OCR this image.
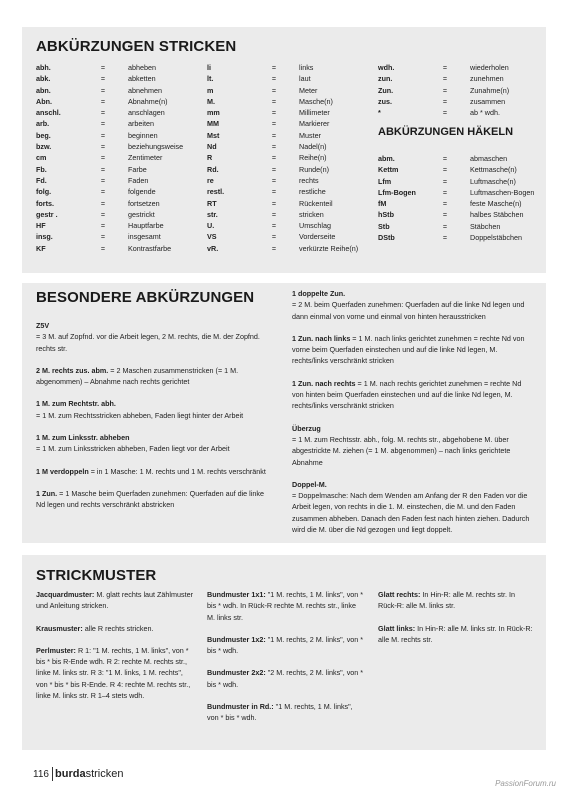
ABKÜRZUNGEN STRICKEN
abh.	=	abheben
abk.	=	abketten
abn.	=	abnehmen
Abn.	=	Abnahme(n)
anschl.	=	anschlagen
arb.	=	arbeiten
beg.	=	beginnen
bzw.	=	beziehungsweise
cm	=	Zentimeter
Fb.	=	Farbe
Fd.	=	Faden
folg.	=	folgende
forts.	=	fortsetzen
gestr .	=	gestrickt
HF	=	Hauptfarbe
insg.	=	insgesamt
KF	=	Kontrastfarbe
li	=	links
lt.	=	laut
m	=	Meter
M.	=	Masche(n)
mm	=	Millimeter
MM	=	Markierer
Mst	=	Muster
Nd	=	Nadel(n)
R	=	Reihe(n)
Rd.	=	Runde(n)
re	=	rechts
restl.	=	restliche
RT	=	Rückenteil
str.	=	stricken
U.	=	Umschlag
VS	=	Vorderseite
vR.	=	verkürzte Reihe(n)
wdh.	=	wiederholen
zun.	=	zunehmen
Zun.	=	Zunahme(n)
zus.	=	zusammen
*	=	ab * wdh.
ABKÜRZUNGEN HÄKELN
abm.	=	abmaschen
Kettm	=	Kettmasche(n)
Lfm	=	Luftmasche(n)
Lfm-Bogen	=	Luftmaschen-Bogen
fM	=	feste Masche(n)
hStb	=	halbes Stäbchen
Stb	=	Stäbchen
DStb	=	Doppelstäbchen
BESONDERE ABKÜRZUNGEN

Z5V
= 3 M. auf Zopfnd. vor die Arbeit legen, 2 M. rechts, die M. der Zopfnd. rechts str.

2 M. rechts zus. abm. = 2 Maschen zusammenstricken (= 1 M. abgenommen) – Abnahme nach rechts gerichtet

1 M. zum Rechtstr. abh.
= 1 M. zum Rechtsstricken abheben, Faden liegt hinter der Arbeit

1 M. zum Linksstr. abheben
= 1 M. zum Linksstricken abheben, Faden liegt vor der Arbeit

1 M verdoppeln = in 1 Masche: 1 M. rechts und 1 M. rechts verschränkt

1 Zun. = 1 Masche beim Querfaden zunehmen: Querfaden auf die linke Nd legen und rechts verschränkt abstricken

1 doppelte Zun.
= 2 M. beim Querfaden zunehmen: Querfaden auf die linke Nd legen und dann einmal von vorne und einmal von hinten herausstricken

1 Zun. nach links = 1 M. nach links gerichtet zunehmen = rechte Nd von vorne beim Querfaden einstechen und auf die linke Nd legen, M. rechts/links verschränkt stricken

1 Zun. nach rechts = 1 M. nach rechts gerichtet zunehmen = rechte Nd von hinten beim Querfaden einstechen und auf die linke Nd legen, M. rechts/links verschränkt stricken

Überzug
= 1 M. zum Rechtsstr. abh., folg. M. rechts str., abgehobene M. über abgestrickte M. ziehen (= 1 M. abgenommen) – nach links gerichtete Abnahme

Doppel-M.
= Doppelmasche: Nach dem Wenden am Anfang der R den Faden vor die Arbeit legen, von rechts in die 1. M. einstechen, die M. und den Faden zusammen abheben. Danach den Faden fest nach hinten ziehen. Dadurch wird die M. über die Nd gezogen und liegt doppelt.

STRICKMUSTER

Jacquardmuster: M. glatt rechts laut Zählmuster und Anleitung stricken.

Krausmuster: alle R rechts stricken.

Perlmuster: R 1: "1 M. rechts, 1 M. links", von * bis * bis R-Ende wdh. R 2: rechte M. rechts str., linke M. links str. R 3: "1 M. links, 1 M. rechts", von * bis * bis R-Ende. R 4: rechte M. rechts str., linke M. links str. R 1–4 stets wdh.

Bundmuster 1x1: "1 M. rechts, 1 M. links", von * bis * wdh. In Rück-R rechte M. rechts str., linke M. links str.

Bundmuster 1x2: "1 M. rechts, 2 M. links", von * bis * wdh.

Bundmuster 2x2: "2 M. rechts, 2 M. links", von * bis * wdh.

Bundmuster in Rd.: "1 M. rechts, 1 M. links", von * bis * wdh.

Glatt rechts: In Hin-R: alle M. rechts str. In Rück-R: alle M. links str.

Glatt links: In Hin-R: alle M. links str. In Rück-R: alle M. rechts str.

116 burdastricken
PassionForum.ru
